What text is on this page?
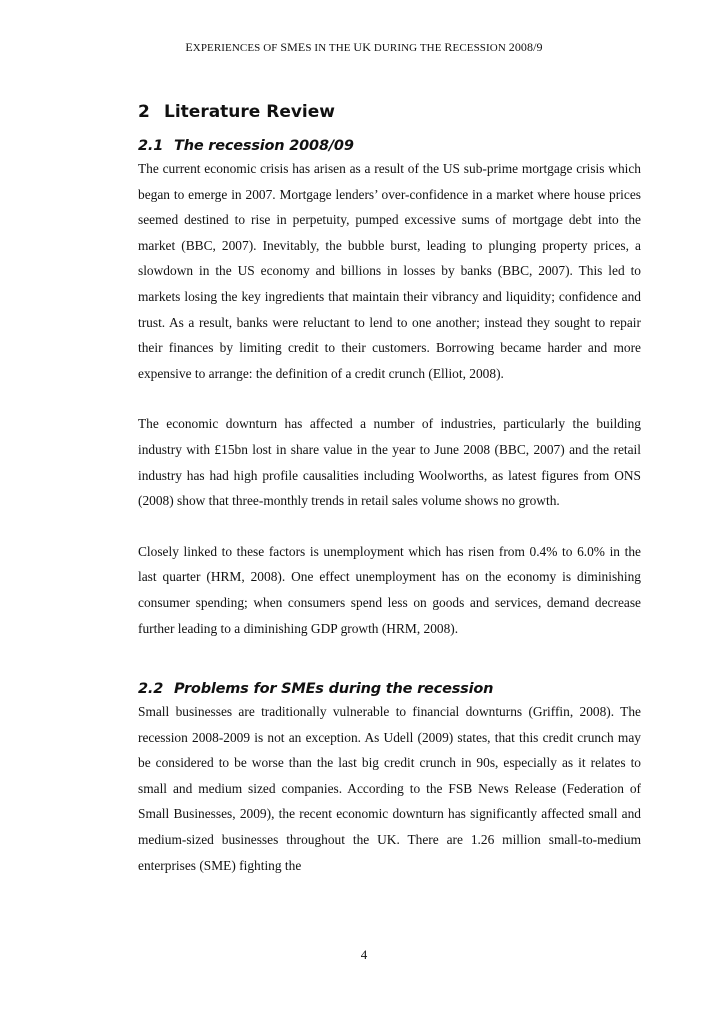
EXPERIENCES OF SMES IN THE UK DURING THE RECESSION 2008/9
2 Literature Review
2.1 The recession 2008/09

The current economic crisis has arisen as a result of the US sub-prime mortgage crisis which began to emerge in 2007. Mortgage lenders’ over-confidence in a market where house prices seemed destined to rise in perpetuity, pumped excessive sums of mortgage debt into the market (BBC, 2007). Inevitably, the bubble burst, leading to plunging property prices, a slowdown in the US economy and billions in losses by banks (BBC, 2007). This led to markets losing the key ingredients that maintain their vibrancy and liquidity; confidence and trust. As a result, banks were reluctant to lend to one another; instead they sought to repair their finances by limiting credit to their customers. Borrowing became harder and more expensive to arrange: the definition of a credit crunch (Elliot, 2008).

The economic downturn has affected a number of industries, particularly the building industry with £15bn lost in share value in the year to June 2008 (BBC, 2007) and the retail industry has had high profile causalities including Woolworths, as latest figures from ONS (2008) show that three-monthly trends in retail sales volume shows no growth.

Closely linked to these factors is unemployment which has risen from 0.4% to 6.0% in the last quarter (HRM, 2008). One effect unemployment has on the economy is diminishing consumer spending; when consumers spend less on goods and services, demand decrease further leading to a diminishing GDP growth (HRM, 2008).

2.2 Problems for SMEs during the recession

Small businesses are traditionally vulnerable to financial downturns (Griffin, 2008). The recession 2008-2009 is not an exception. As Udell (2009) states, that this credit crunch may be considered to be worse than the last big credit crunch in 90s, especially as it relates to small and medium sized companies. According to the FSB News Release (Federation of Small Businesses, 2009), the recent economic downturn has significantly affected small and medium-sized businesses throughout the UK. There are 1.26 million small-to-medium enterprises (SME) fighting the

4
